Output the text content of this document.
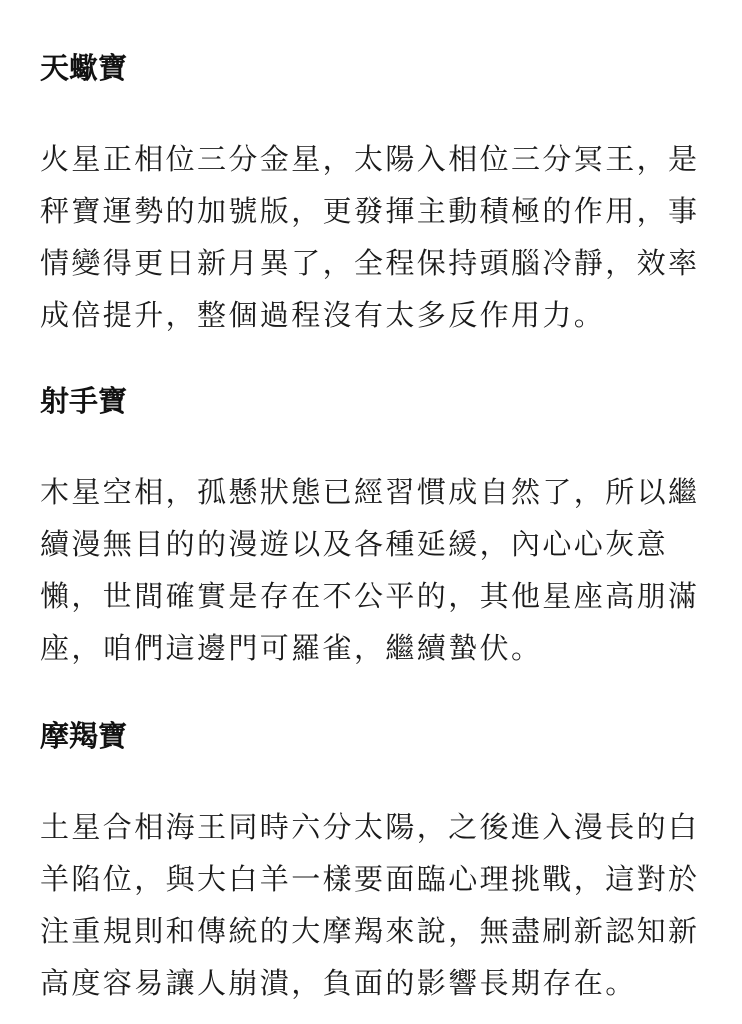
天蠍寶

火星正相位三分金星，太陽入相位三分冥王，是
秤寶運勢的加號版，更發揮主動積極的作用，事
情變得更日新月異了，全程保持頭腦冷靜，效率
成倍提升，整個過程沒有太多反作用力。

射手寶

木星空相，孤懸狀態已經習慣成自然了，所以繼
續漫無目的的漫遊以及各種延緩，內心心灰意
懶，世間確實是存在不公平的，其他星座高朋滿
座，咱們這邊門可羅雀，繼續蟄伏。

摩羯寶

土星合相海王同時六分太陽，之後進入漫長的白
羊陷位，與大白羊一樣要面臨心理挑戰，這對於
注重規則和傳統的大摩羯來說，無盡刷新認知新
高度容易讓人崩潰，負面的影響長期存在。
